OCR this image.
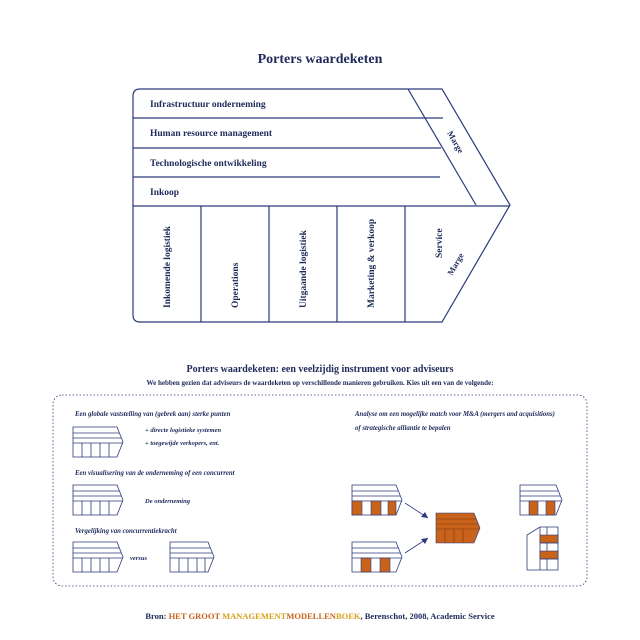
Porters waardeketen
Infrastructuur onderneming
Human resource management
Technologische ontwikkeling
Inkoop
Inkomende logistiek	Operations	Uitgaande logistiek	Marketing & verkoop	Service
Marge
Marge
Porters waardeketen: een veelzijdig instrument voor adviseurs
We hebben gezien dat adviseurs de waardeketen op verschillende manieren gebruiken. Kies uit een van de volgende:
Een globale vaststelling van (gebrek aan) sterke punten
+ directe logistieke systemen
+ toegewijde verkopers, ent.
Een visualisering van de onderneming of een concurrent
De onderneming
Vergelijking van concurrentiekracht
versus
Analyse om een mogelijke match voor M&A (mergers and acquisitions)
of strategische alliantie te bepalen
Bron: HET GROOT MANAGEMENTMODELLENBOEK, Berenschot, 2008, Academic Service
